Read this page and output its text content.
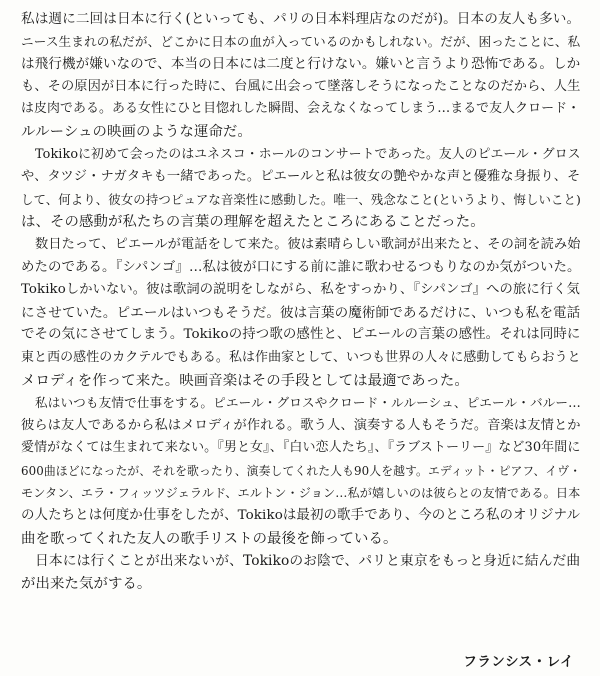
私は週に二回は日本に行く(といっても、パリの日本料理店なのだが)。日本の友人も多い。
ニース生まれの私だが、どこかに日本の血が入っているのかもしれない。だが、困ったことに、私
は飛行機が嫌いなので、本当の日本には二度と行けない。嫌いと言うより恐怖である。しか
も、その原因が日本に行った時に、台風に出会って墜落しそうになったことなのだから、人生
は皮肉である。ある女性にひと目惚れした瞬間、会えなくなってしまう…まるで友人クロード・
ルルーシュの映画のような運命だ。
Tokikoに初めて会ったのはユネスコ・ホールのコンサートであった。友人のピエール・グロス
や、タツジ・ナガタキも一緒であった。ピエールと私は彼女の艶やかな声と優雅な身振り、そ
して、何より、彼女の持つピュアな音楽性に感動した。唯一、残念なこと(というより、悔しいこと)
は、その感動が私たちの言葉の理解を超えたところにあることだった。
数日たって、ピエールが電話をして来た。彼は素晴らしい歌詞が出来たと、その詞を読み始
めたのである。『シパンゴ』…私は彼が口にする前に誰に歌わせるつもりなのか気がついた。
Tokikoしかいない。彼は歌詞の説明をしながら、私をすっかり、『シパンゴ』への旅に行く気
にさせていた。ピエールはいつもそうだ。彼は言葉の魔術師であるだけに、いつも私を電話
でその気にさせてしまう。Tokikoの持つ歌の感性と、ピエールの言葉の感性。それは同時に
東と西の感性のカクテルでもある。私は作曲家として、いつも世界の人々に感動してもらおうと
メロディを作って来た。映画音楽はその手段としては最適であった。
私はいつも友情で仕事をする。ピエール・グロスやクロード・ルルーシュ、ピエール・バルー…
彼らは友人であるから私はメロディが作れる。歌う人、演奏する人もそうだ。音楽は友情とか
愛情がなくては生まれて来ない。『男と女』、『白い恋人たち』、『ラブストーリー』など30年間に
600曲ほどになったが、それを歌ったり、演奏してくれた人も90人を越す。エディット・ピアフ、イヴ・
モンタン、エラ・フィッツジェラルド、エルトン・ジョン…私が嬉しいのは彼らとの友情である。日本
の人たちとは何度か仕事をしたが、Tokikoは最初の歌手であり、今のところ私のオリジナル
曲を歌ってくれた友人の歌手リストの最後を飾っている。
日本には行くことが出来ないが、Tokikoのお陰で、パリと東京をもっと身近に結んだ曲
が出来た気がする。
フランシス・レイ
